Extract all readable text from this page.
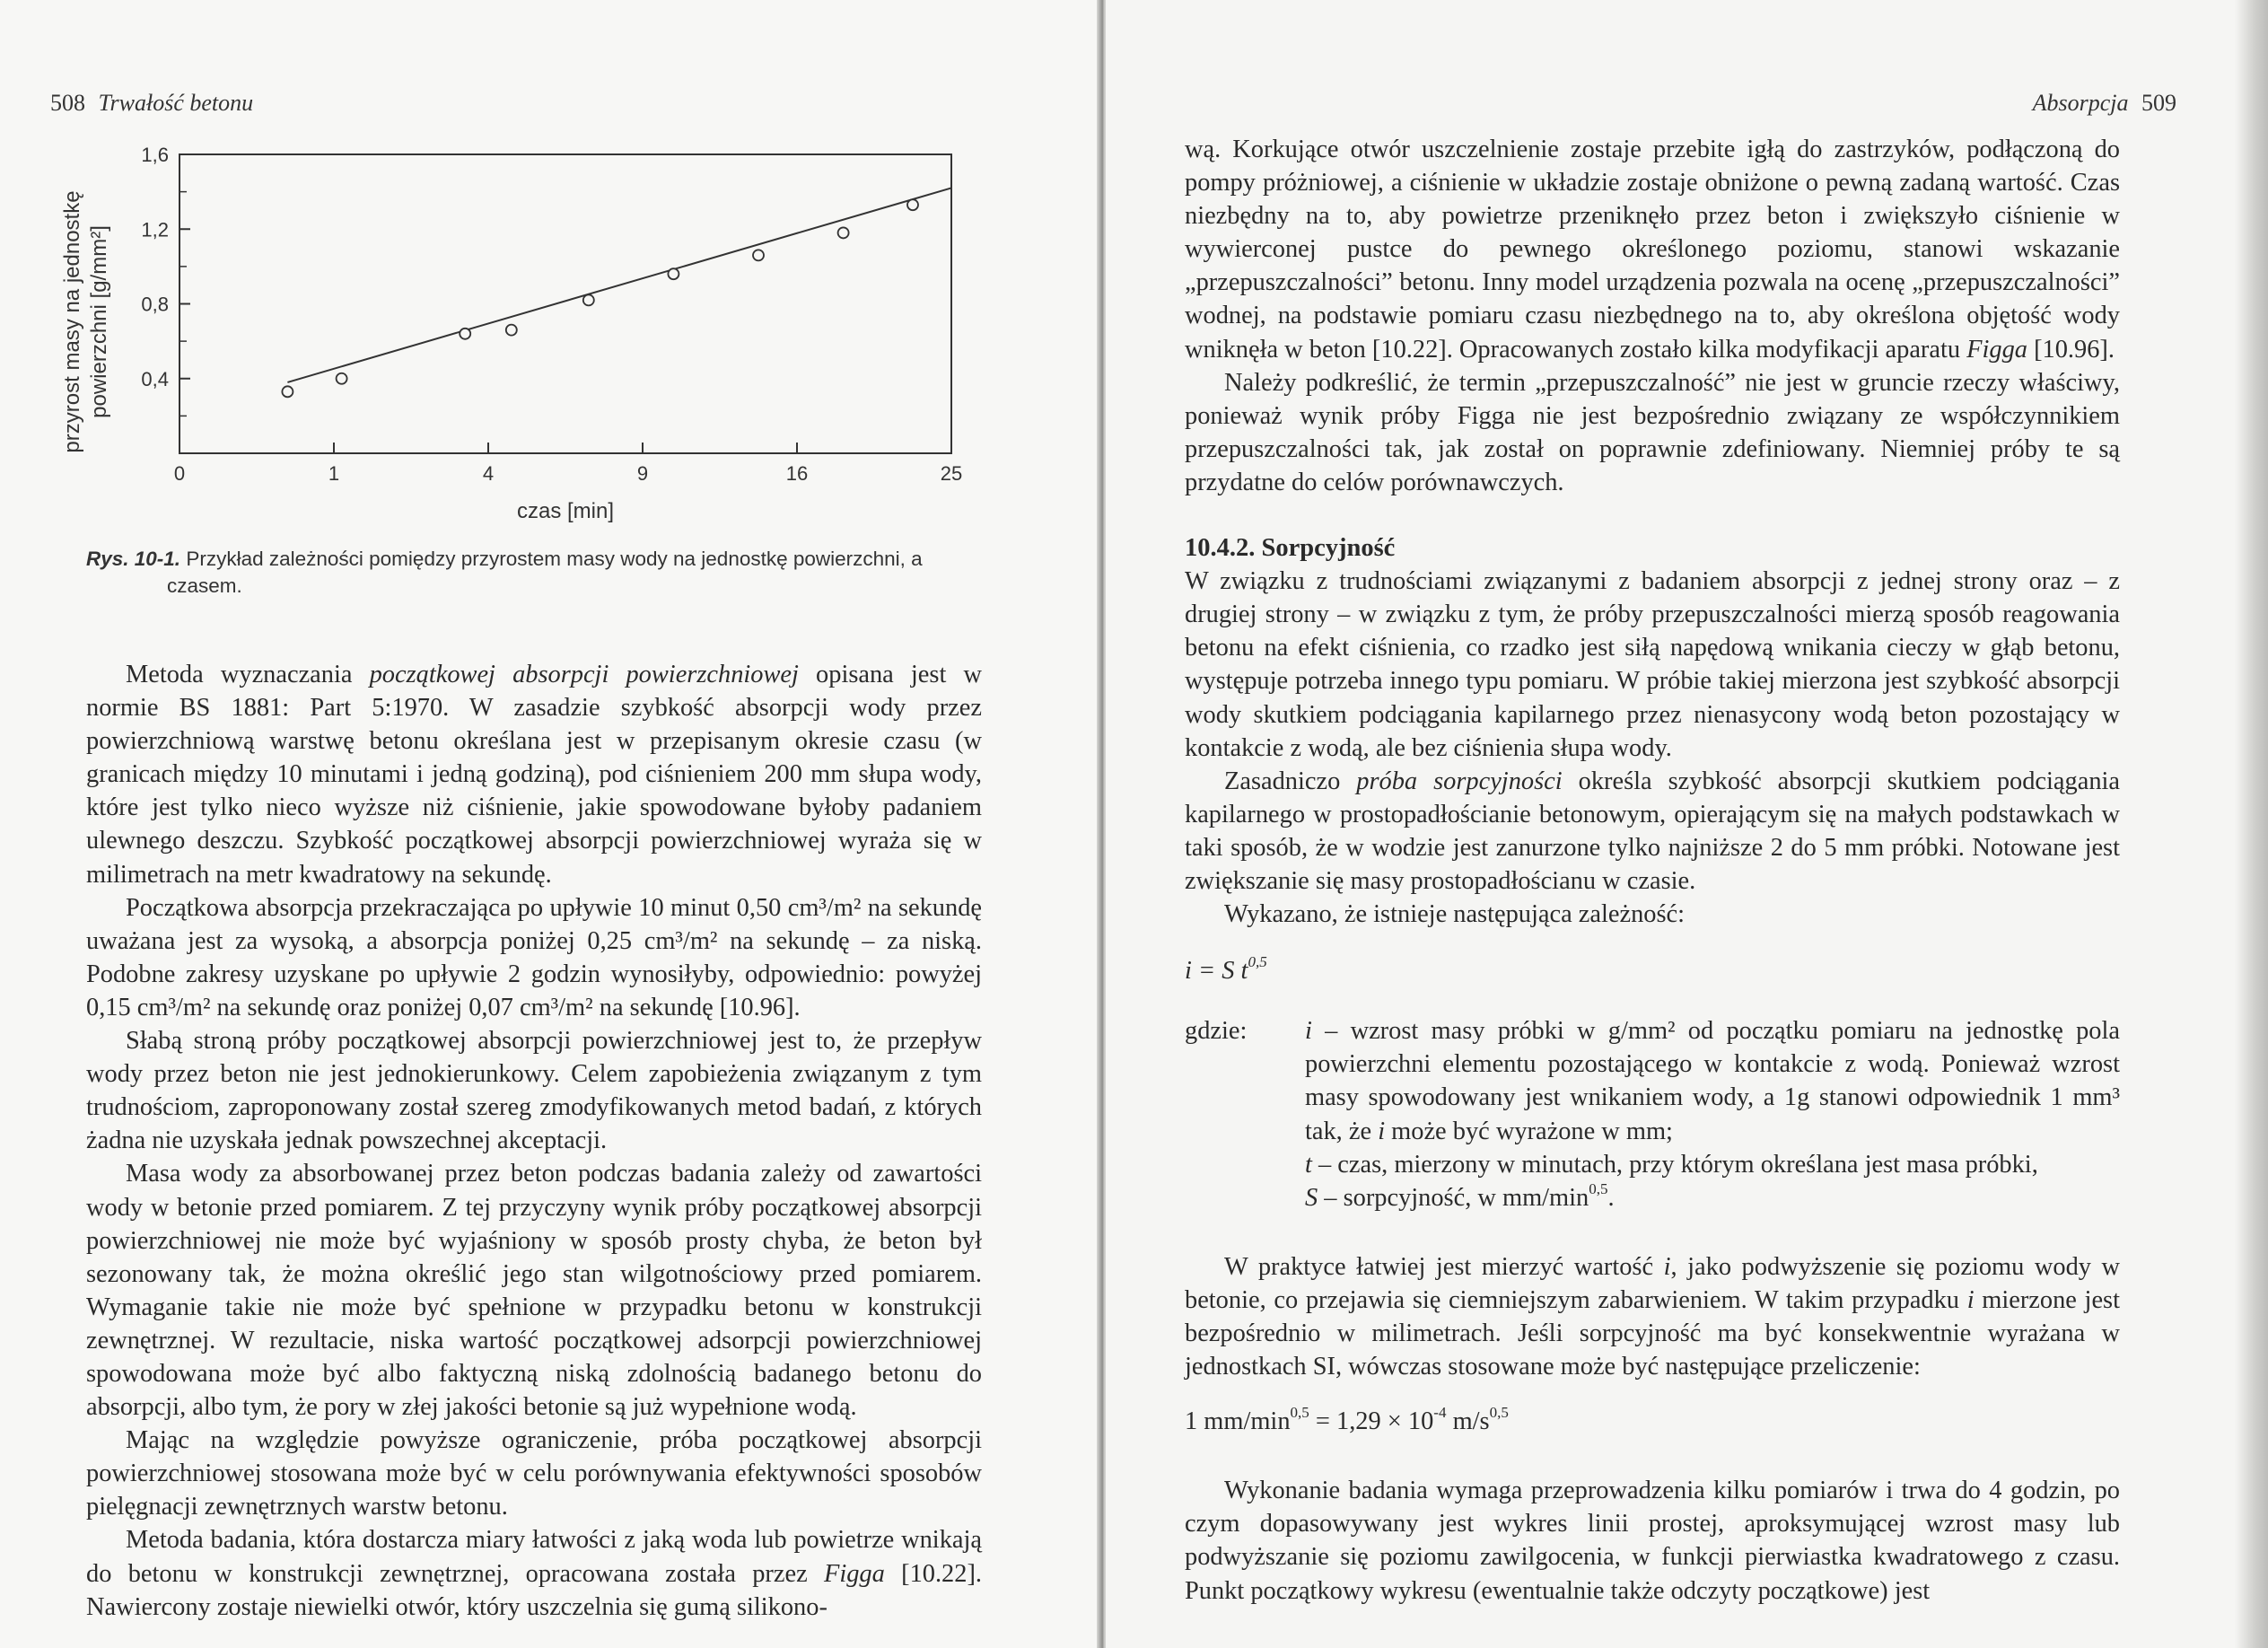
508 Trwałość betonu
0,4
0,8
1,2
1,6
0	1	4	9	16	25
czas [min]
przyrost masy na jednostkę powierzchni [g/mm²]
Rys. 10-1. Przykład zależności pomiędzy przyrostem masy wody na jednostkę powierzchni, a
czasem.

Metoda wyznaczania początkowej absorpcji powierzchniowej opisana jest w normie BS 1881: Part 5:1970. W zasadzie szybkość absorpcji wody przez powierzchniową warstwę betonu określana jest w przepisanym okresie czasu (w granicach między 10 minutami i jedną godziną), pod ciśnieniem 200 mm słupa wody, które jest tylko nieco wyższe niż ciśnienie, jakie spowodowane byłoby padaniem ulewnego deszczu. Szybkość początkowej absorpcji powierzchniowej wyraża się w milimetrach na metr kwadratowy na sekundę.

Początkowa absorpcja przekraczająca po upływie 10 minut 0,50 cm³/m² na sekundę uważana jest za wysoką, a absorpcja poniżej 0,25 cm³/m² na sekundę – za niską. Podobne zakresy uzyskane po upływie 2 godzin wynosiłyby, odpowiednio: powyżej 0,15 cm³/m² na sekundę oraz poniżej 0,07 cm³/m² na sekundę [10.96].

Słabą stroną próby początkowej absorpcji powierzchniowej jest to, że przepływ wody przez beton nie jest jednokierunkowy. Celem zapobieżenia związanym z tym trudnościom, zaproponowany został szereg zmodyfikowanych metod badań, z których żadna nie uzyskała jednak powszechnej akceptacji.

Masa wody za absorbowanej przez beton podczas badania zależy od zawartości wody w betonie przed pomiarem. Z tej przyczyny wynik próby początkowej absorpcji powierzchniowej nie może być wyjaśniony w sposób prosty chyba, że beton był sezonowany tak, że można określić jego stan wilgotnościowy przed pomiarem. Wymaganie takie nie może być spełnione w przypadku betonu w konstrukcji zewnętrznej. W rezultacie, niska wartość początkowej adsorpcji powierzchniowej spowodowana może być albo faktyczną niską zdolnością badanego betonu do absorpcji, albo tym, że pory w złej jakości betonie są już wypełnione wodą.

Mając na względzie powyższe ograniczenie, próba początkowej absorpcji powierzchniowej stosowana może być w celu porównywania efektywności sposobów pielęgnacji zewnętrznych warstw betonu.

Metoda badania, która dostarcza miary łatwości z jaką woda lub powietrze wnikają do betonu w konstrukcji zewnętrznej, opracowana została przez Figga [10.22]. Nawiercony zostaje niewielki otwór, który uszczelnia się gumą silikono-

Absorpcja 509

wą. Korkujące otwór uszczelnienie zostaje przebite igłą do zastrzyków, podłączoną do pompy próżniowej, a ciśnienie w układzie zostaje obniżone o pewną zadaną wartość. Czas niezbędny na to, aby powietrze przeniknęło przez beton i zwiększyło ciśnienie w wywierconej pustce do pewnego określonego poziomu, stanowi wskazanie „przepuszczalności” betonu. Inny model urządzenia pozwala na ocenę „przepuszczalności” wodnej, na podstawie pomiaru czasu niezbędnego na to, aby określona objętość wody wniknęła w beton [10.22]. Opracowanych zostało kilka modyfikacji aparatu Figga [10.96].

Należy podkreślić, że termin „przepuszczalność” nie jest w gruncie rzeczy właściwy, ponieważ wynik próby Figga nie jest bezpośrednio związany ze współczynnikiem przepuszczalności tak, jak został on poprawnie zdefiniowany. Niemniej próby te są przydatne do celów porównawczych.

10.4.2. Sorpcyjność

W związku z trudnościami związanymi z badaniem absorpcji z jednej strony oraz – z drugiej strony – w związku z tym, że próby przepuszczalności mierzą sposób reagowania betonu na efekt ciśnienia, co rzadko jest siłą napędową wnikania cieczy w głąb betonu, występuje potrzeba innego typu pomiaru. W próbie takiej mierzona jest szybkość absorpcji wody skutkiem podciągania kapilarnego przez nienasycony wodą beton pozostający w kontakcie z wodą, ale bez ciśnienia słupa wody.

Zasadniczo próba sorpcyjności określa szybkość absorpcji skutkiem podciągania kapilarnego w prostopadłościanie betonowym, opierającym się na małych podstawkach w taki sposób, że w wodzie jest zanurzone tylko najniższe 2 do 5 mm próbki. Notowane jest zwiększanie się masy prostopadłościanu w czasie.

Wykazano, że istnieje następująca zależność:

i = S $t^{0,5}$
gdzie: i – wzrost masy próbki w g/mm² od początku pomiaru na jednostkę pola powierzchni elementu pozostającego w kontakcie z wodą. Ponieważ wzrost masy spowodowany jest wnikaniem wody, a 1g stanowi odpowiednik 1 mm³ tak, że i może być wyrażone w mm;
t – czas, mierzony w minutach, przy którym określana jest masa próbki,
S – sorpcyjność, w $mm/\min^{0,5}$.

W praktyce łatwiej jest mierzyć wartość i, jako podwyższenie się poziomu wody w betonie, co przejawia się ciemniejszym zabarwieniem. W takim przypadku i mierzone jest bezpośrednio w milimetrach. Jeśli sorpcyjność ma być konsekwentnie wyrażana w jednostkach SI, wówczas stosowane może być następujące przeliczenie:

1 $mm/\min^{0,5} = 1,29 \times 10^{-4}$ $m/s^{0,5}$

Wykonanie badania wymaga przeprowadzenia kilku pomiarów i trwa do 4 godzin, po czym dopasowywany jest wykres linii prostej, aproksymującej wzrost masy lub podwyższanie się poziomu zawilgocenia, w funkcji pierwiastka kwadratowego z czasu. Punkt początkowy wykresu (ewentualnie także odczyty początkowe) jest
